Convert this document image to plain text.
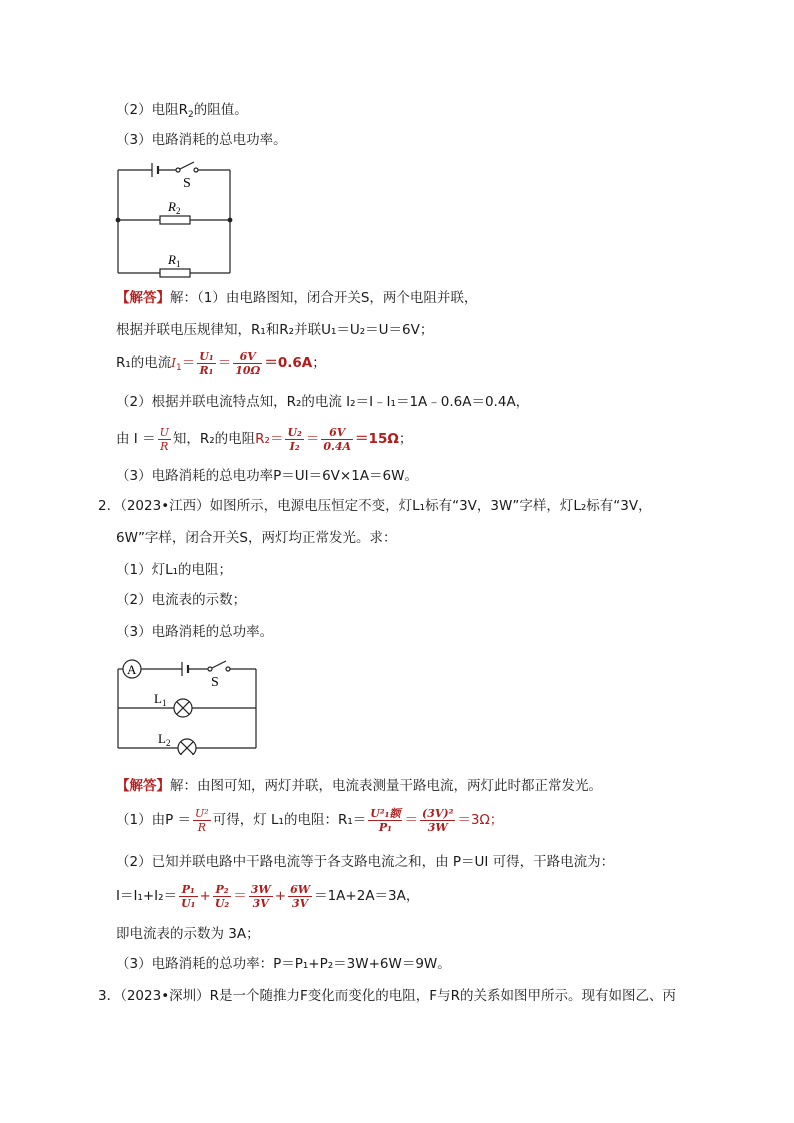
（2）电阻$R_2$的阻值。
（3）电路消耗的总电功率。
S
$R_2$
$R_1$
【解答】解：（1）由电路图知，闭合开关S，两个电阻并联，
根据并联电压规律知，R₁和R₂并联U₁＝U₂＝U＝6V；
R₁的电流$I_1= \frac{\text{U₁}}{\text{R₁}} = \frac{6V}{10\Omega} =0.6A$；
（2）根据并联电流特点知，R₂的电流 I₂＝I﹣I₁＝1A﹣0.6A＝0.4A，
由 $I = \frac{U}{R}$ 知，R₂的电阻$R_2= \frac{\text{U₂}}{\text{I₂}} = \frac{6V}{0.4A} =15\Omega$；
（3）电路消耗的总电功率P＝UI＝6V×1A＝6W。
2．（2023•江西）如图所示，电源电压恒定不变，灯L₁标有“3V，3W”字样，灯L₂标有“3V，
6W”字样，闭合开关S，两灯均正常发光。求：
（1）灯L₁的电阻；
（2）电流表的示数；
（3）电路消耗的总功率。
A
S
$L_1$
$L_2$
【解答】解：由图可知，两灯并联，电流表测量干路电流，两灯此时都正常发光。
（1）由$P = \frac{\text{U²}}{R}$ 可得，灯 L₁的电阻：$R_1= \frac{\text{U²₁额}}{\text{P₁}} = \frac{\text{(3V)²}}{3W} =3\Omega$；
（2）已知并联电路中干路电流等于各支路电流之和，由 P＝UI 可得，干路电流为：
$I=I_1+I_2= \frac{\text{P₁}}{\text{U₁}} + \frac{\text{P₂}}{\text{U₂}} = \frac{3W}{3V} + \frac{6W}{3V} =1A+2A=3A$，
即电流表的示数为 3A；
（3）电路消耗的总功率：P＝P₁+P₂＝3W+6W＝9W。
3．（2023•深圳）R是一个随推力F变化而变化的电阻，F与R的关系如图甲所示。现有如图乙、丙
